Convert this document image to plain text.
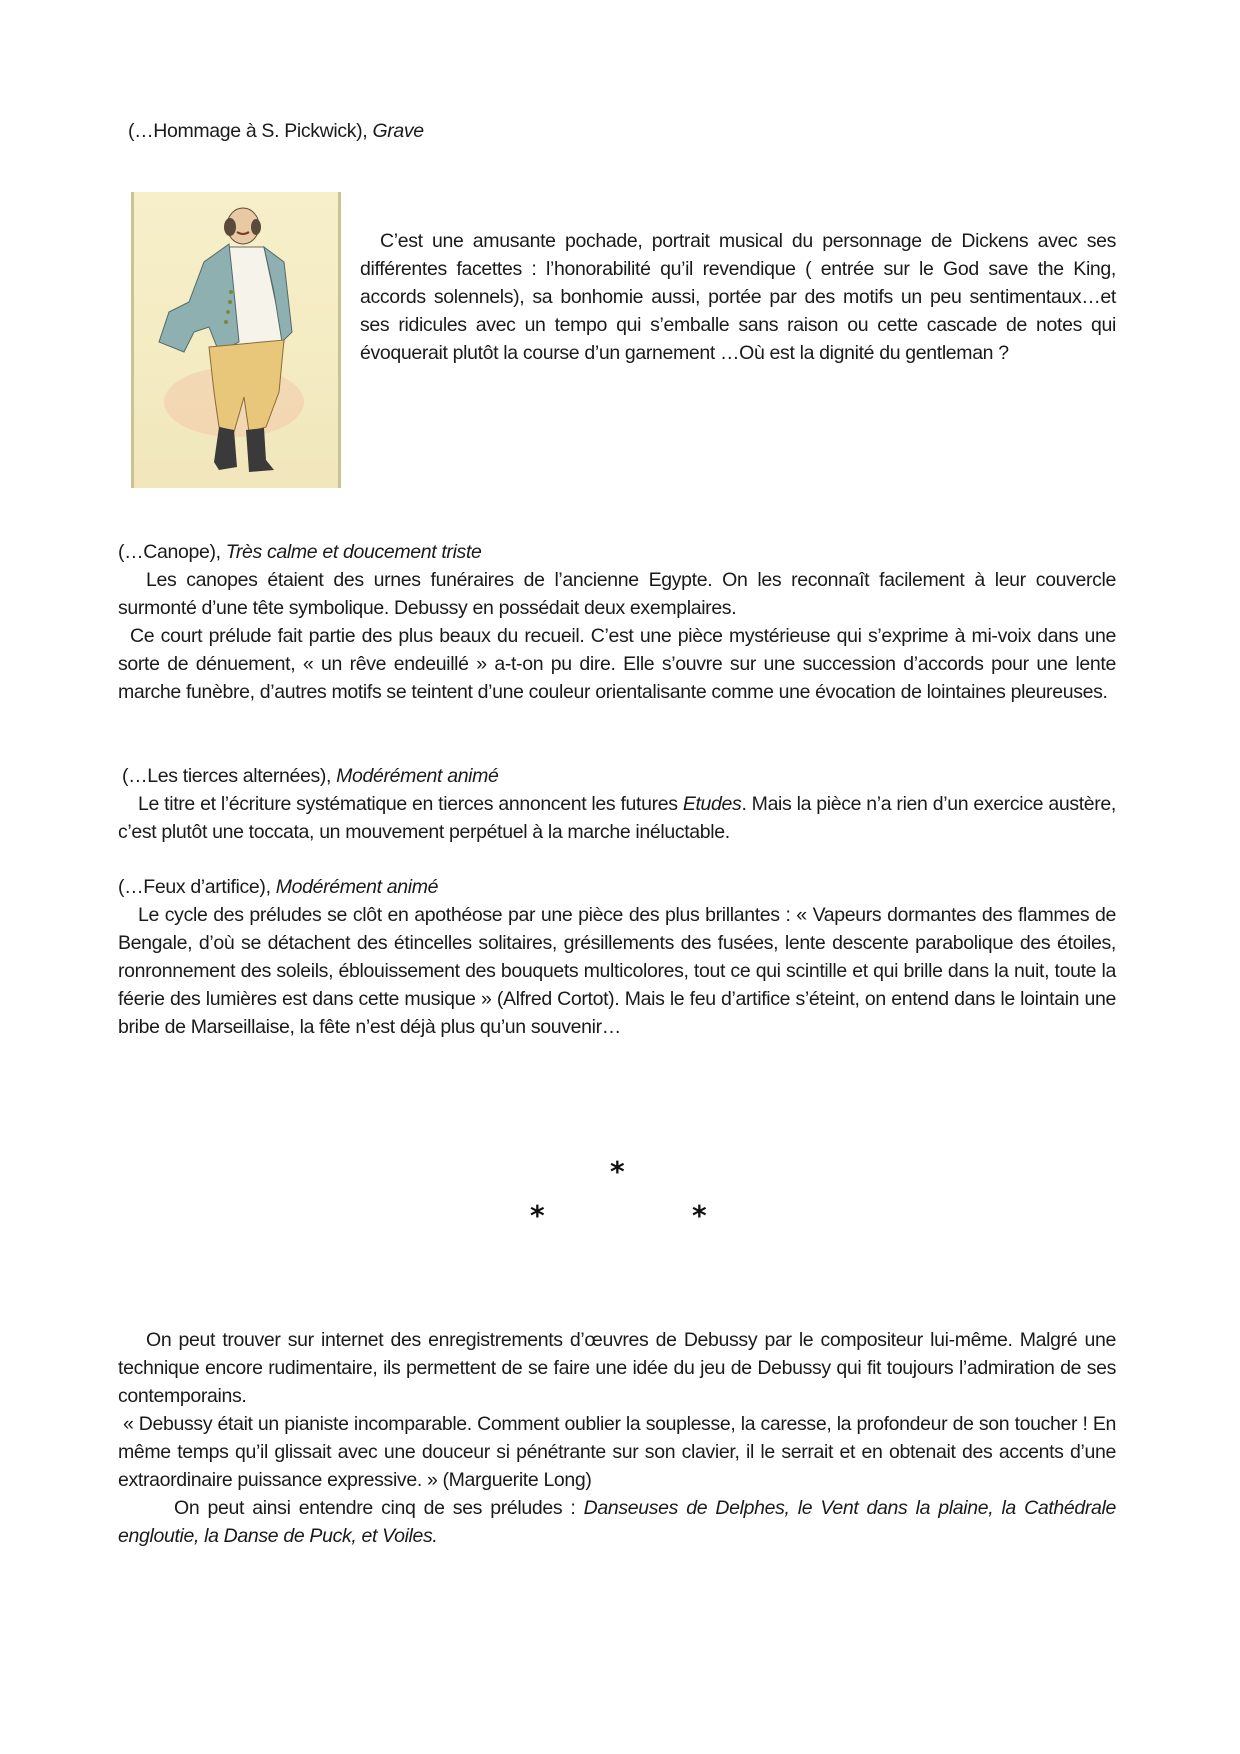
(…Hommage à S. Pickwick), Grave
C’est une amusante pochade, portrait musical du personnage de Dickens avec ses différentes facettes : l’honorabilité qu’il revendique ( entrée sur le God save the King, accords solennels), sa bonhomie aussi, portée par des motifs un peu sentimentaux…et ses ridicules avec un tempo qui s’emballe sans raison ou cette cascade de notes qui évoquerait plutôt la course d’un garnement …Où est la dignité du gentleman ?
(…Canope), Très calme et doucement triste
Les canopes étaient des urnes funéraires de l’ancienne Egypte. On les reconnaît facilement à leur couvercle surmonté d’une tête symbolique. Debussy en possédait deux exemplaires.
Ce court prélude fait partie des plus beaux du recueil. C’est une pièce mystérieuse qui s’exprime à mi-voix dans une sorte de dénuement, « un rêve endeuillé » a-t-on pu dire. Elle s’ouvre sur une succession d’accords pour une lente marche funèbre, d’autres motifs se teintent d’une couleur orientalisante comme une évocation de lointaines pleureuses.
(…Les tierces alternées), Modérément animé
Le titre et l’écriture systématique en tierces annoncent les futures Etudes. Mais la pièce n’a rien d’un exercice austère, c’est plutôt une toccata, un mouvement perpétuel à la marche inéluctable.
(…Feux d’artifice), Modérément animé
Le cycle des préludes se clôt en apothéose par une pièce des plus brillantes : « Vapeurs dormantes des flammes de Bengale, d’où se détachent des étincelles solitaires, grésillements des fusées, lente descente parabolique des étoiles, ronronnement des soleils, éblouissement des bouquets multicolores, tout ce qui scintille et qui brille dans la nuit, toute la féerie des lumières est dans cette musique » (Alfred Cortot). Mais le feu d’artifice s’éteint, on entend dans le lointain une bribe de Marseillaise, la fête n’est déjà plus qu’un souvenir…
*
*	*
On peut trouver sur internet des enregistrements d’œuvres de Debussy par le compositeur lui-même. Malgré une technique encore rudimentaire, ils permettent de se faire une idée du jeu de Debussy qui fit toujours l’admiration de ses contemporains.
« Debussy était un pianiste incomparable. Comment oublier la souplesse, la caresse, la profondeur de son toucher ! En même temps qu’il glissait avec une douceur si pénétrante sur son clavier, il le serrait et en obtenait des accents d’une extraordinaire puissance expressive. » (Marguerite Long)
On peut ainsi entendre cinq de ses préludes : Danseuses de Delphes, le Vent dans la plaine, la Cathédrale engloutie, la Danse de Puck, et Voiles.
